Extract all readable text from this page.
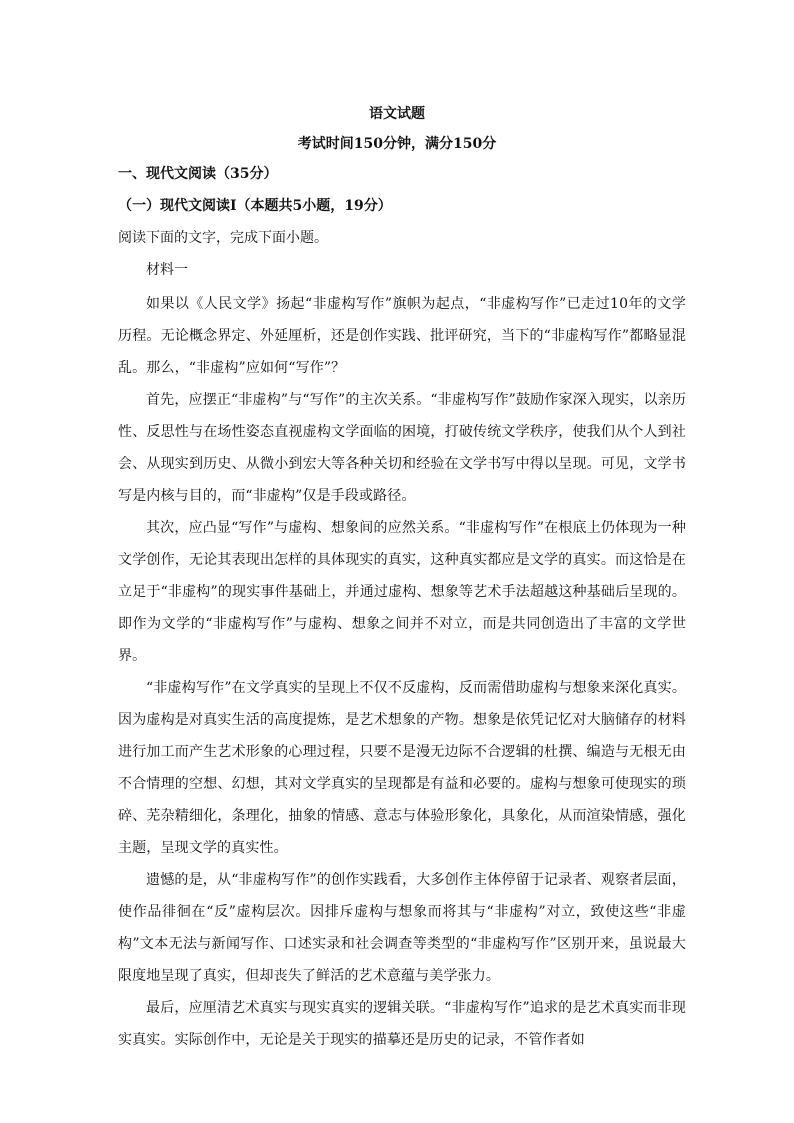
语文试题
考试时间150分钟，满分150分
一、现代文阅读（35分）
（一）现代文阅读Ⅰ（本题共5小题，19分）
阅读下面的文字，完成下面小题。
材料一

如果以《人民文学》扬起“非虚构写作”旗帜为起点，“非虚构写作”已走过10年的文学历程。无论概念界定、外延厘析，还是创作实践、批评研究，当下的“非虚构写作”都略显混乱。那么，“非虚构”应如何“写作”？

首先，应摆正“非虚构”与“写作”的主次关系。“非虚构写作”鼓励作家深入现实，以亲历性、反思性与在场性姿态直视虚构文学面临的困境，打破传统文学秩序，使我们从个人到社会、从现实到历史、从微小到宏大等各种关切和经验在文学书写中得以呈现。可见，文学书写是内核与目的，而“非虚构”仅是手段或路径。

其次，应凸显“写作”与虚构、想象间的应然关系。“非虚构写作”在根底上仍体现为一种文学创作，无论其表现出怎样的具体现实的真实，这种真实都应是文学的真实。而这恰是在立足于“非虚构”的现实事件基础上，并通过虚构、想象等艺术手法超越这种基础后呈现的。即作为文学的“非虚构写作”与虚构、想象之间并不对立，而是共同创造出了丰富的文学世界。

“非虚构写作”在文学真实的呈现上不仅不反虚构，反而需借助虚构与想象来深化真实。因为虚构是对真实生活的高度提炼，是艺术想象的产物。想象是依凭记忆对大脑储存的材料进行加工而产生艺术形象的心理过程，只要不是漫无边际不合逻辑的杜撰、编造与无根无由不合情理的空想、幻想，其对文学真实的呈现都是有益和必要的。虚构与想象可使现实的琐碎、芜杂精细化，条理化，抽象的情感、意志与体验形象化，具象化，从而渲染情感，强化主题，呈现文学的真实性。

遗憾的是，从“非虚构写作”的创作实践看，大多创作主体停留于记录者、观察者层面，使作品徘徊在“反”虚构层次。因排斥虚构与想象而将其与“非虚构”对立，致使这些“非虚构”文本无法与新闻写作、口述实录和社会调查等类型的“非虚构写作”区别开来，虽说最大限度地呈现了真实，但却丧失了鲜活的艺术意蕴与美学张力。

最后，应厘清艺术真实与现实真实的逻辑关联。“非虚构写作”追求的是艺术真实而非现实真实。实际创作中，无论是关于现实的描摹还是历史的记录，不管作者如
